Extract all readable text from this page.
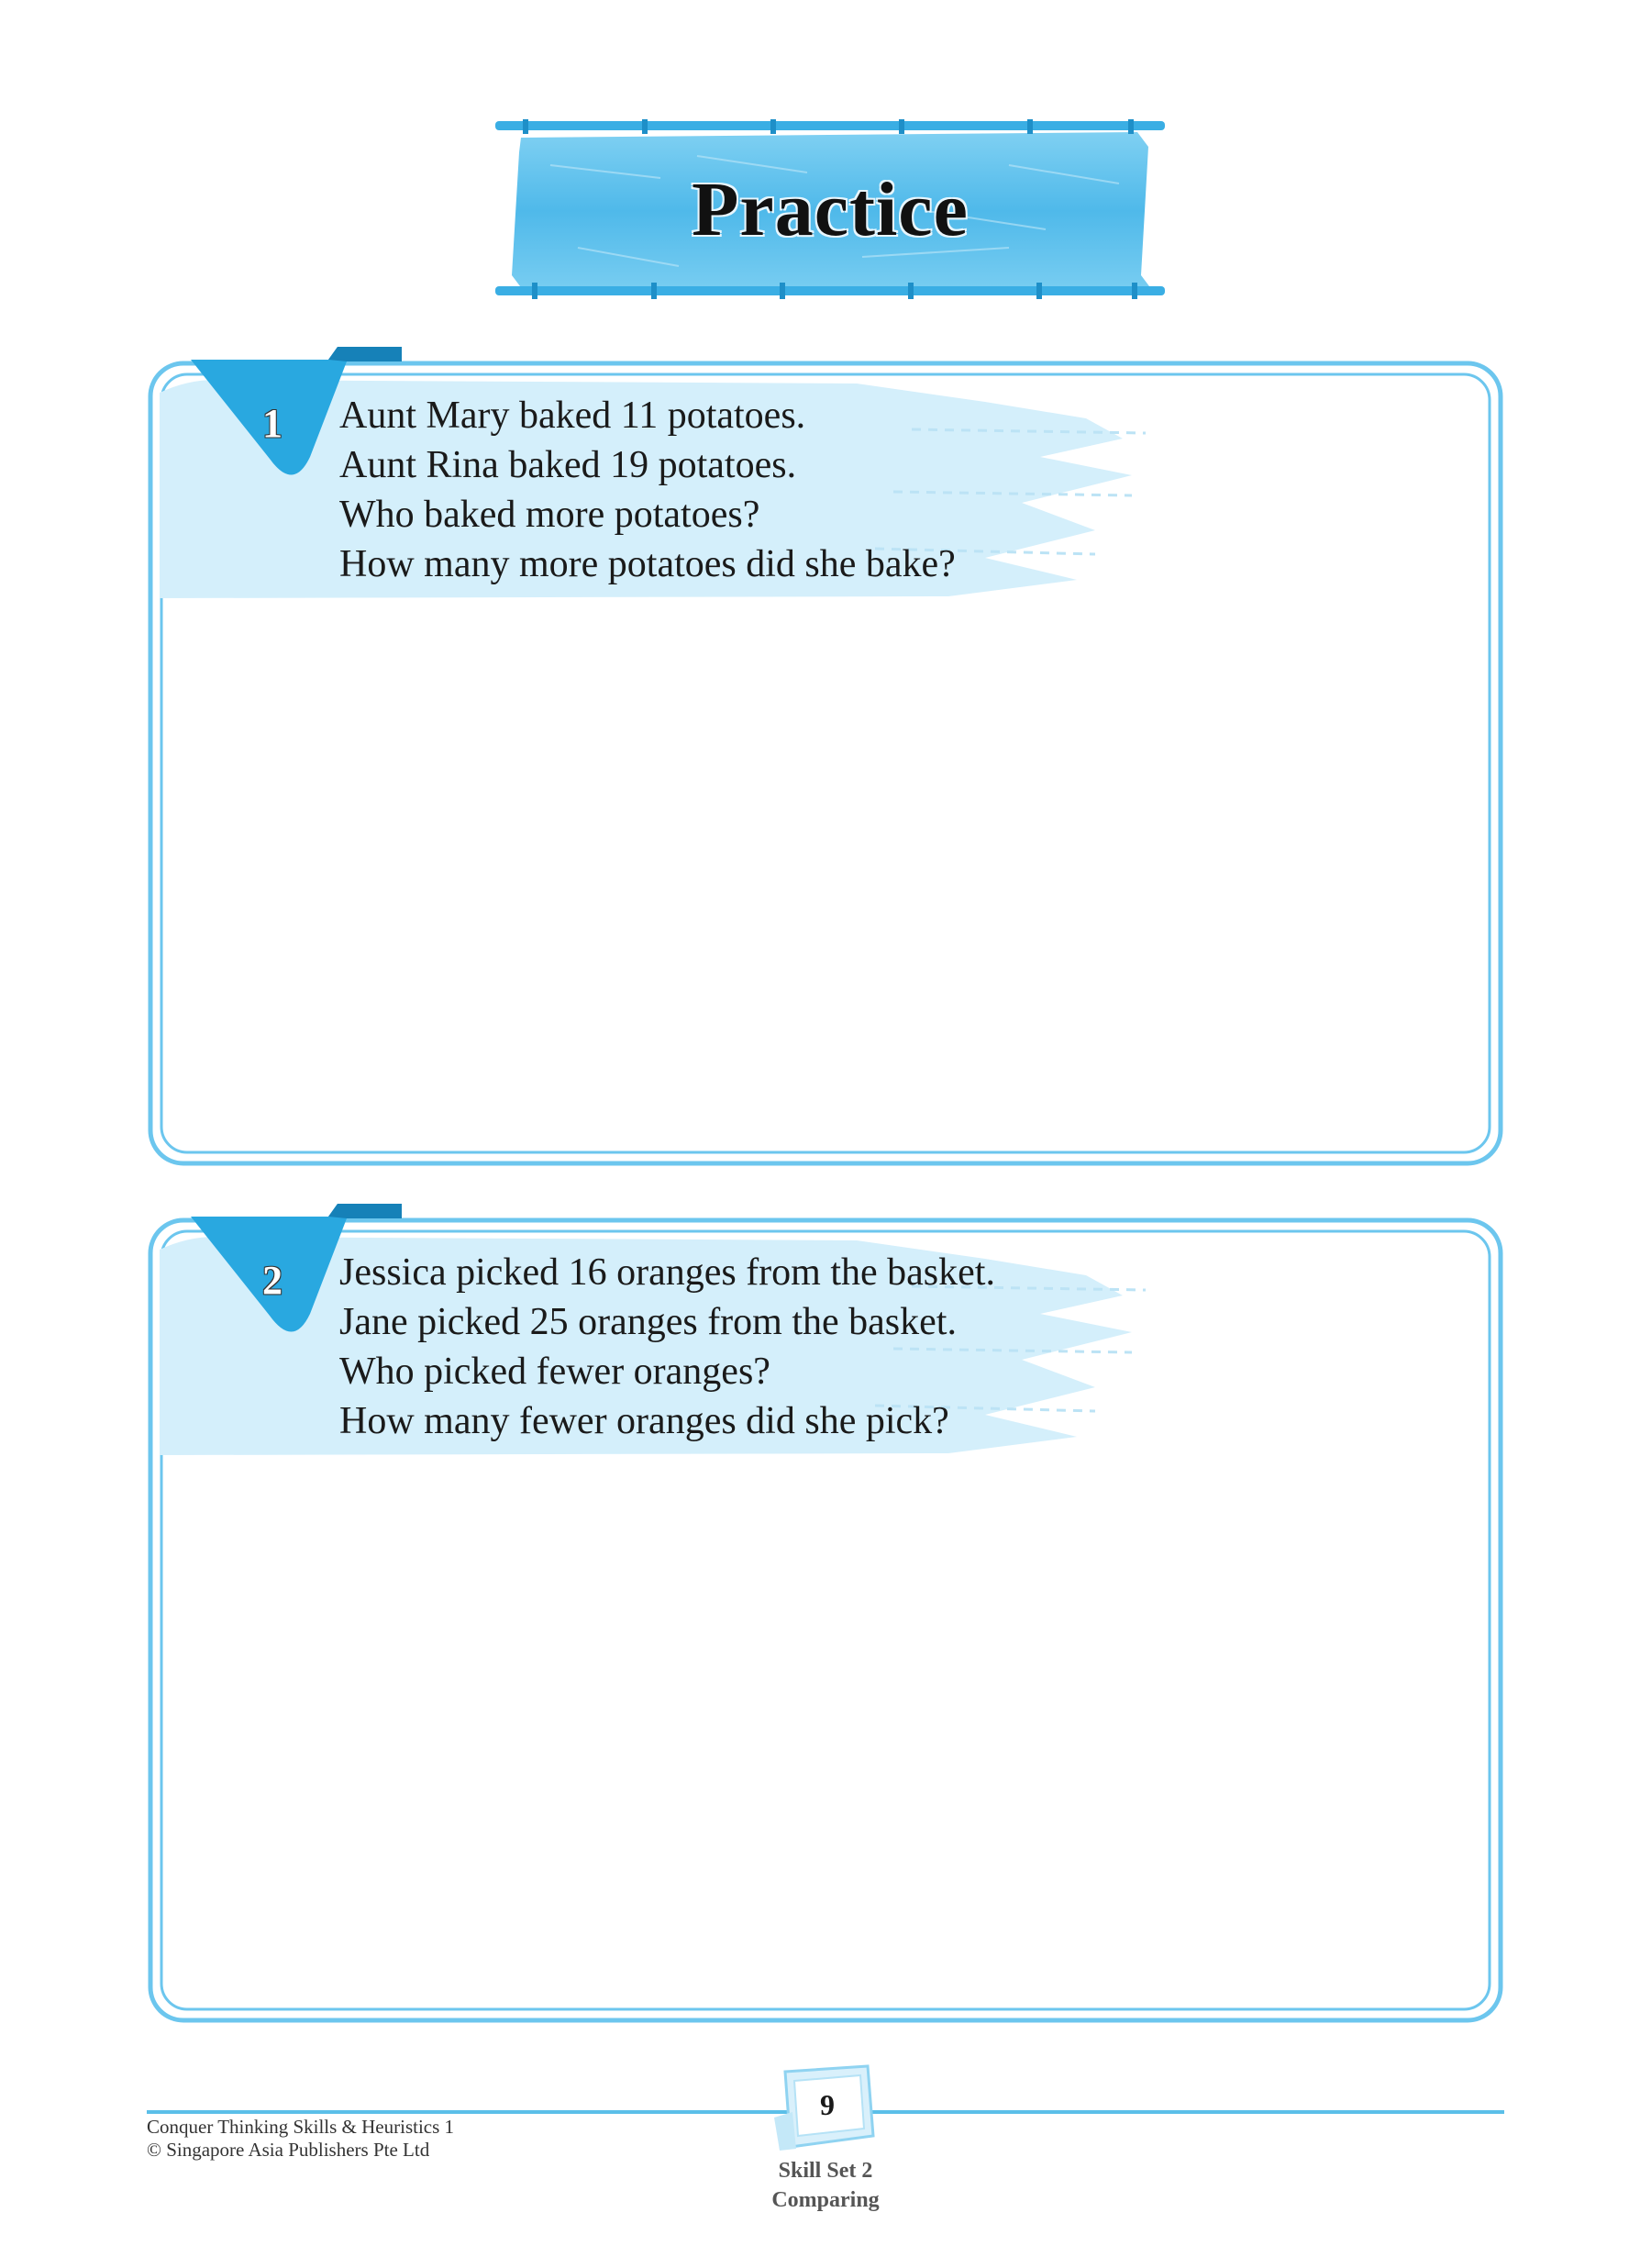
Practice
1	Aunt Mary baked 11 potatoes.
Aunt Rina baked 19 potatoes.
Who baked more potatoes?
How many more potatoes did she bake?
2	Jessica picked 16 oranges from the basket.
Jane picked 25 oranges from the basket.
Who picked fewer oranges?
How many fewer oranges did she pick?
Conquer Thinking Skills & Heuristics 1
© Singapore Asia Publishers Pte Ltd
9
Skill Set 2
Comparing
